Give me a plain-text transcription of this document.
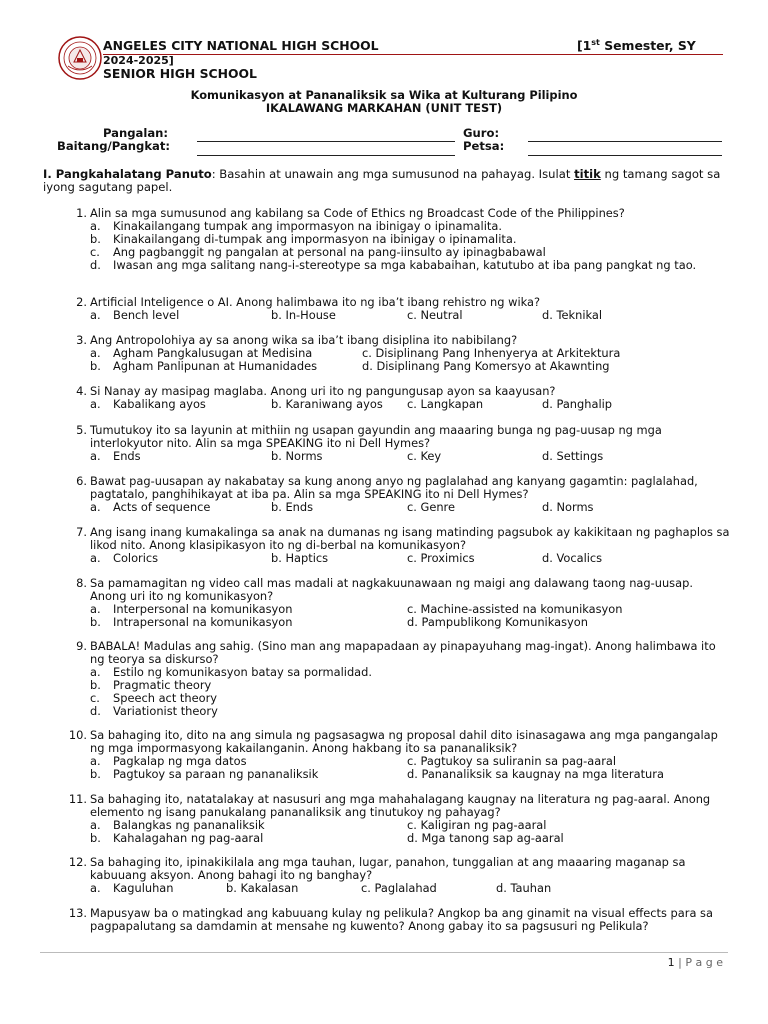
ANGELES CITY NATIONAL HIGH SCHOOL	[1st Semester, SY
2024-2025]
SENIOR HIGH SCHOOL
Komunikasyon at Pananaliksik sa Wika at Kulturang Pilipino
IKALAWANG MARKAHAN (UNIT TEST)
Pangalan:
Baitang/Pangkat:
Guro:
Petsa:
I. Pangkahalatang Panuto: Basahin at unawain ang mga sumusunod na pahayag. Isulat titik ng tamang sagot sa iyong sagutang papel.
1. Alin sa mga sumusunod ang kabilang sa Code of Ethics ng Broadcast Code of the Philippines?
a. Kinakailangang tumpak ang impormasyon na ibinigay o ipinamalita.
b. Kinakailangang di-tumpak ang impormasyon na ibinigay o ipinamalita.
c. Ang pagbanggit ng pangalan at personal na pang-iinsulto ay ipinagbabawal
d. Iwasan ang mga salitang nang-i-stereotype sa mga kababaihan, katutubo at iba pang pangkat ng tao.
2. Artificial Inteligence o AI. Anong halimbawa ito ng iba’t ibang rehistro ng wika?
a. Bench level	b. In-House	c. Neutral	d. Teknikal
3. Ang Antropolohiya ay sa anong wika sa iba’t ibang disiplina ito nabibilang?
a. Agham Pangkalusugan at Medisina	c. Disiplinang Pang Inhenyerya at Arkitektura
b. Agham Panlipunan at Humanidades	d. Disiplinang Pang Komersyo at Akawnting
4. Si Nanay ay masipag maglaba. Anong uri ito ng pangungusap ayon sa kaayusan?
a. Kabalikang ayos	b. Karaniwang ayos c. Langkapan	d. Panghalip
5. Tumutukoy ito sa layunin at mithiin ng usapan gayundin ang maaaring bunga ng pag-uusap ng mga interlokyutor nito. Alin sa mga SPEAKING ito ni Dell Hymes?
a. Ends	b. Norms	c. Key	d. Settings
6. Bawat pag-uusapan ay nakabatay sa kung anong anyo ng paglalahad ang kanyang gagamtin: paglalahad, pagtatalo, panghihikayat at iba pa. Alin sa mga SPEAKING ito ni Dell Hymes?
a. Acts of sequence	b. Ends	c. Genre	d. Norms
7. Ang isang inang kumakalinga sa anak na dumanas ng isang matinding pagsubok ay kakikitaan ng paghaplos sa likod nito. Anong klasipikasyon ito ng di-berbal na komunikasyon?
a. Colorics	b. Haptics	c. Proximics	d. Vocalics
8. Sa pamamagitan ng video call mas madali at nagkakuunawaan ng maigi ang dalawang taong nag-uusap. Anong uri ito ng komunikasyon?
a. Interpersonal na komunikasyon	c. Machine-assisted na komunikasyon
b. Intrapersonal na komunikasyon	d. Pampublikong Komunikasyon
9. BABALA! Madulas ang sahig. (Sino man ang mapapadaan ay pinapayuhang mag-ingat). Anong halimbawa ito ng teorya sa diskurso?
a. Estilo ng komunikasyon batay sa pormalidad.
b. Pragmatic theory
c. Speech act theory
d. Variationist theory
10. Sa bahaging ito, dito na ang simula ng pagsasagwa ng proposal dahil dito isinasagawa ang mga pangangalap ng mga impormasyong kakailanganin. Anong hakbang ito sa pananaliksik?
a. Pagkalap ng mga datos	c. Pagtukoy sa suliranin sa pag-aaral
b. Pagtukoy sa paraan ng pananaliksik	d. Pananaliksik sa kaugnay na mga literatura
11. Sa bahaging ito, natatalakay at nasusuri ang mga mahahalagang kaugnay na literatura ng pag-aaral. Anong elemento ng isang panukalang pananaliksik ang tinutukoy ng pahayag?
a. Balangkas ng pananaliksik	c. Kaligiran ng pag-aaral
b. Kahalagahan ng pag-aaral	d. Mga tanong sap ag-aaral
12. Sa bahaging ito, ipinakikilala ang mga tauhan, lugar, panahon, tunggalian at ang maaaring maganap sa kabuuang aksyon. Anong bahagi ito ng banghay?
a. Kaguluhan	b. Kakalasan	c. Paglalahad	d. Tauhan
13. Mapusyaw ba o matingkad ang kabuuang kulay ng pelikula? Angkop ba ang ginamit na visual effects para sa pagpapalutang sa damdamin at mensahe ng kuwento? Anong gabay ito sa pagsusuri ng Pelikula?
1 | P a g e
